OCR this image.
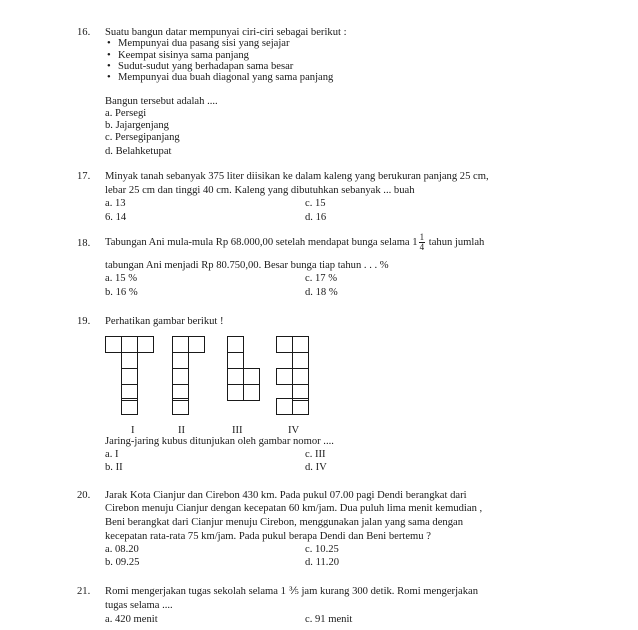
16. Suatu bangun datar mempunyai ciri-ciri sebagai berikut :
• Mempunyai dua pasang sisi yang sejajar
• Keempat sisinya sama panjang
• Sudut-sudut yang berhadapan sama besar
• Mempunyai dua buah diagonal yang sama panjang
Bangun tersebut adalah ....
a. Persegi
b. Jajargenjang
c. Persegipanjang
d. Belahketupat
17. Minyak tanah sebanyak 375 liter diisikan ke dalam kaleng yang berukuran panjang 25 cm,
lebar 25 cm dan tinggi 40 cm. Kaleng yang dibutuhkan sebanyak ... buah
a. 13
6. 14
c. 15
d. 16
18. Tabungan Ani mula-mula Rp 68.000,00 setelah mendapat bunga selama $1 \frac{1}{4}$ tahun jumlah
tabungan Ani menjadi Rp 80.750,00. Besar bunga tiap tahun . . . %
a. 15 %
b. 16 %
c. 17 %
d. 18 %
19. Perhatikan gambar berikut !
I	II	III	IV
Jaring-jaring kubus ditunjukan oleh gambar nomor ....
a. I
b. II
c. III
d. IV
20. Jarak Kota Cianjur dan Cirebon 430 km. Pada pukul 07.00 pagi Dendi berangkat dari
Cirebon menuju Cianjur dengan kecepatan 60 km/jam. Dua puluh lima menit kemudian ,
Beni berangkat dari Cianjur menuju Cirebon, menggunakan jalan yang sama dengan
kecepatan rata-rata 75 km/jam. Pada pukul berapa Dendi dan Beni bertemu ?
a. 08.20
b. 09.25
c. 10.25
d. 11.20
21. Romi mengerjakan tugas sekolah selama 1 ⅗ jam kurang 300 detik. Romi mengerjakan
tugas selama ....
a. 420 menit	c. 91 menit
